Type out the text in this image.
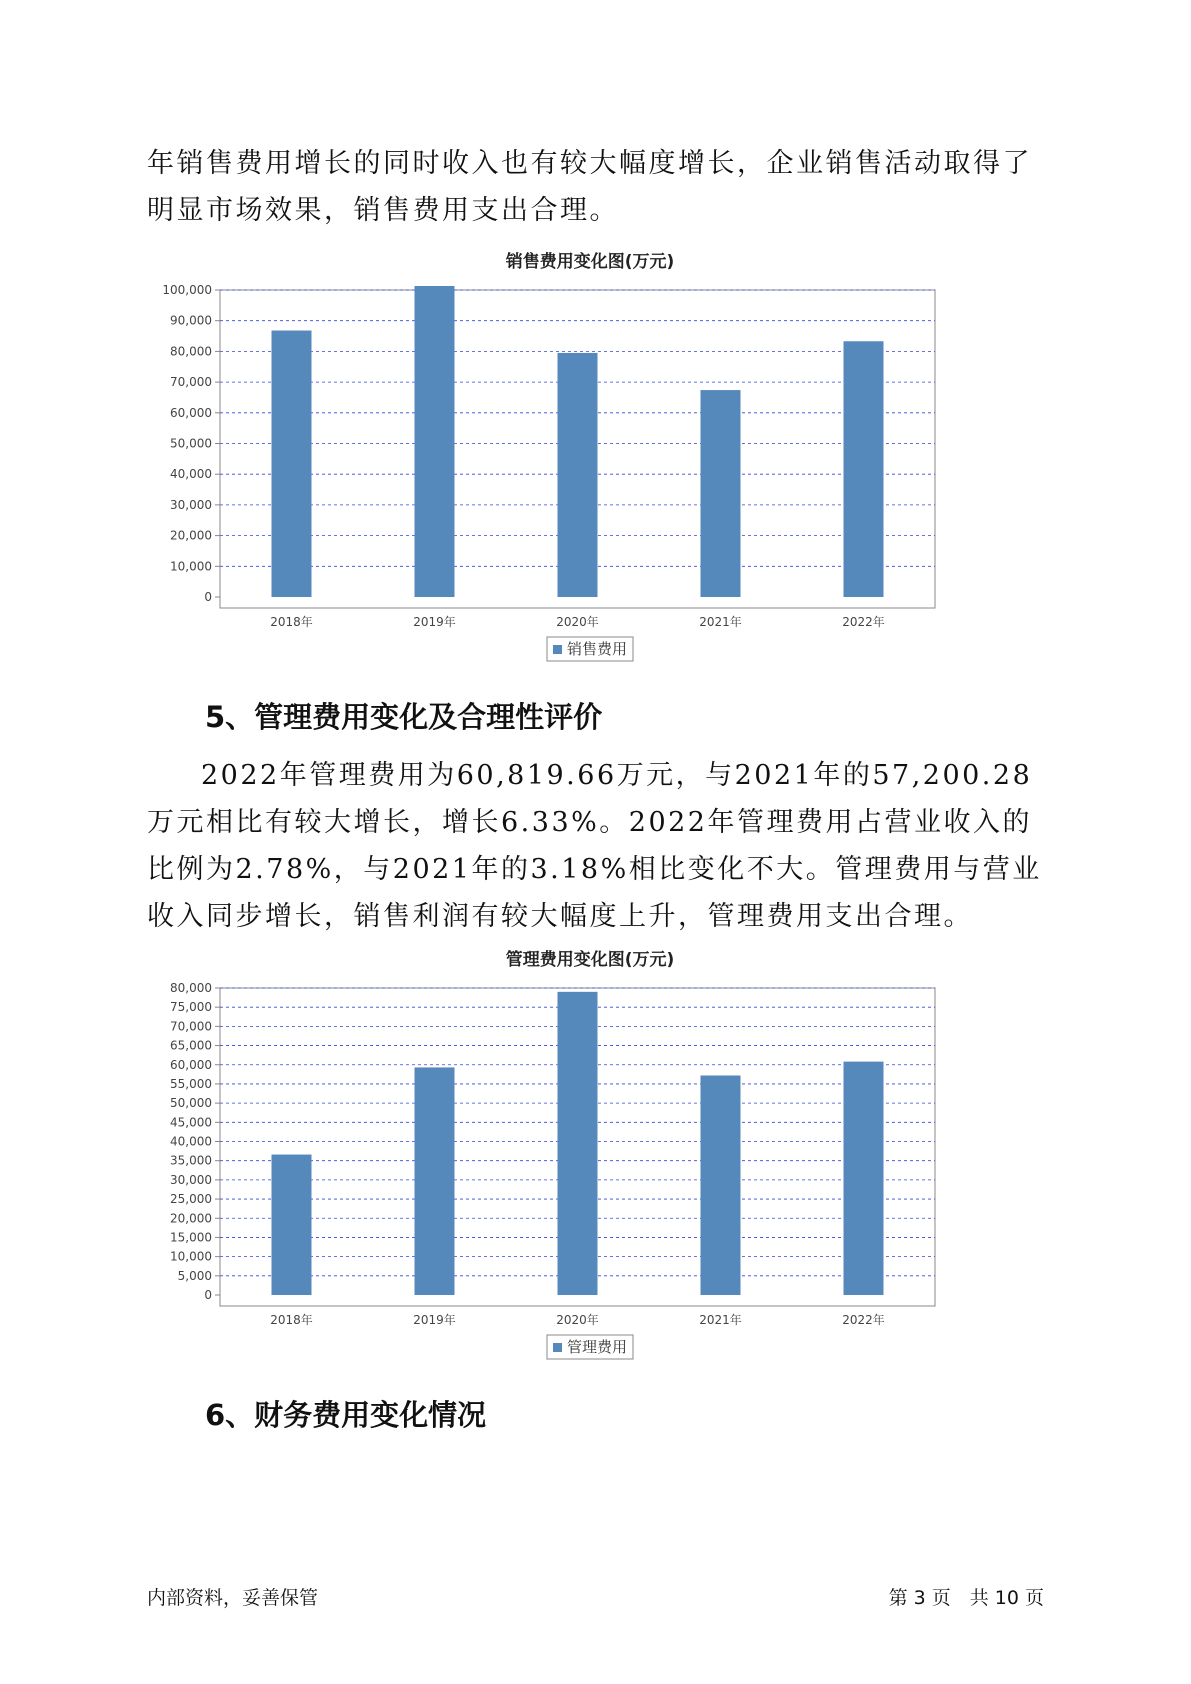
年销售费用增长的同时收入也有较大幅度增长，企业销售活动取得了明显市场效果，销售费用支出合理。

销售费用变化图(万元)
0
10,000
20,000
30,000
40,000
50,000
60,000
70,000
80,000
90,000
100,000
2018年	2019年	2020年	2021年	2022年
销售费用
5、管理费用变化及合理性评价

2022年管理费用为60,819.66万元，与2021年的57,200.28万元相比有较大增长，增长6.33%。2022年管理费用占营业收入的比例为2.78%，与2021年的3.18%相比变化不大。管理费用与营业收入同步增长，销售利润有较大幅度上升，管理费用支出合理。

管理费用变化图(万元)
0
5,000
10,000
15,000
20,000
25,000
30,000
35,000
40,000
45,000
50,000
55,000
60,000
65,000
70,000
75,000
80,000
2018年	2019年	2020年	2021年	2022年
管理费用
6、财务费用变化情况
内部资料，妥善保管	第 3 页　共 10 页
